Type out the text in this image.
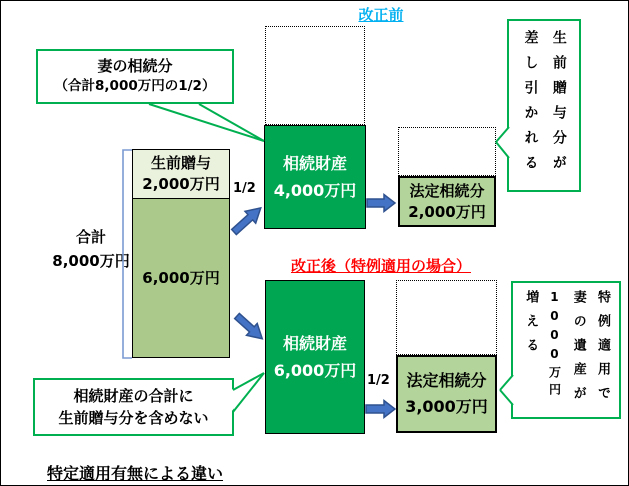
改正前
相続財産
4,000万円	法定相続分
2,000万円
1/2
生前贈与分が
差し引かれる
合計
8,000万円
生前贈与
2,000万円
6,000万円
妻の相続分
（合計8,000万円の1/2）
改正後（特例適用の場合）
相続財産
6,000万円
法定相続分
3,000万円
1/2	特例適用で
妻の遺産が
1000万円
増える
相続財産の合計に
生前贈与分を含めない
特定適用有無による違い
